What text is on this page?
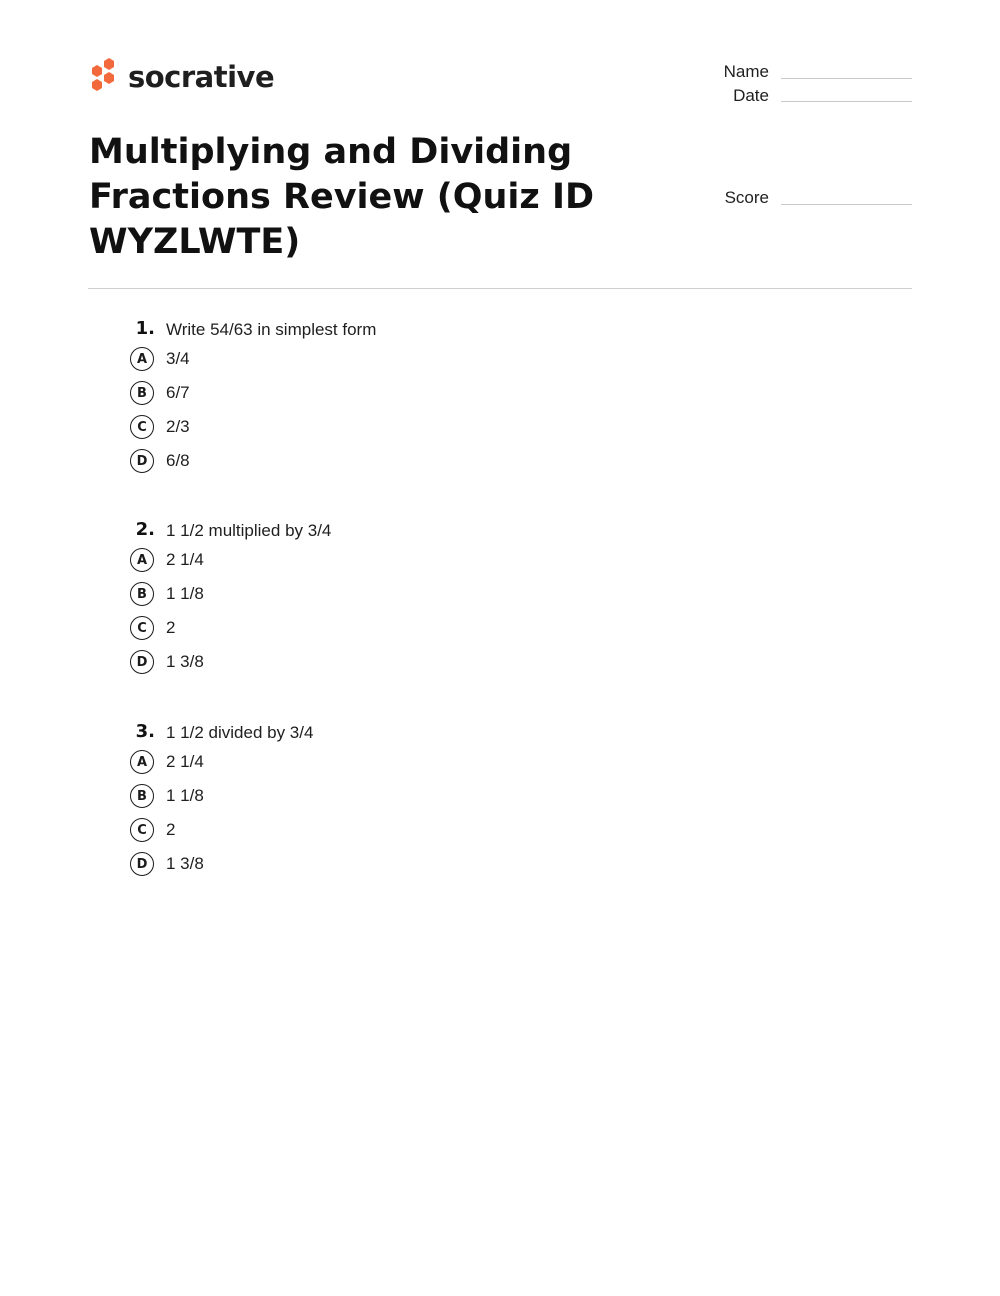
socrative	Name
Date
Score
Multiplying and Dividing Fractions Review (Quiz ID WYZLWTE)
1. Write 54/63 in simplest form
A	3/4
B	6/7
C	2/3
D	6/8
2. 1 1/2 multiplied by 3/4
A	2 1/4
B	1 1/8
C	2
D	1 3/8
3. 1 1/2 divided by 3/4
A	2 1/4
B	1 1/8
C	2
D	1 3/8
